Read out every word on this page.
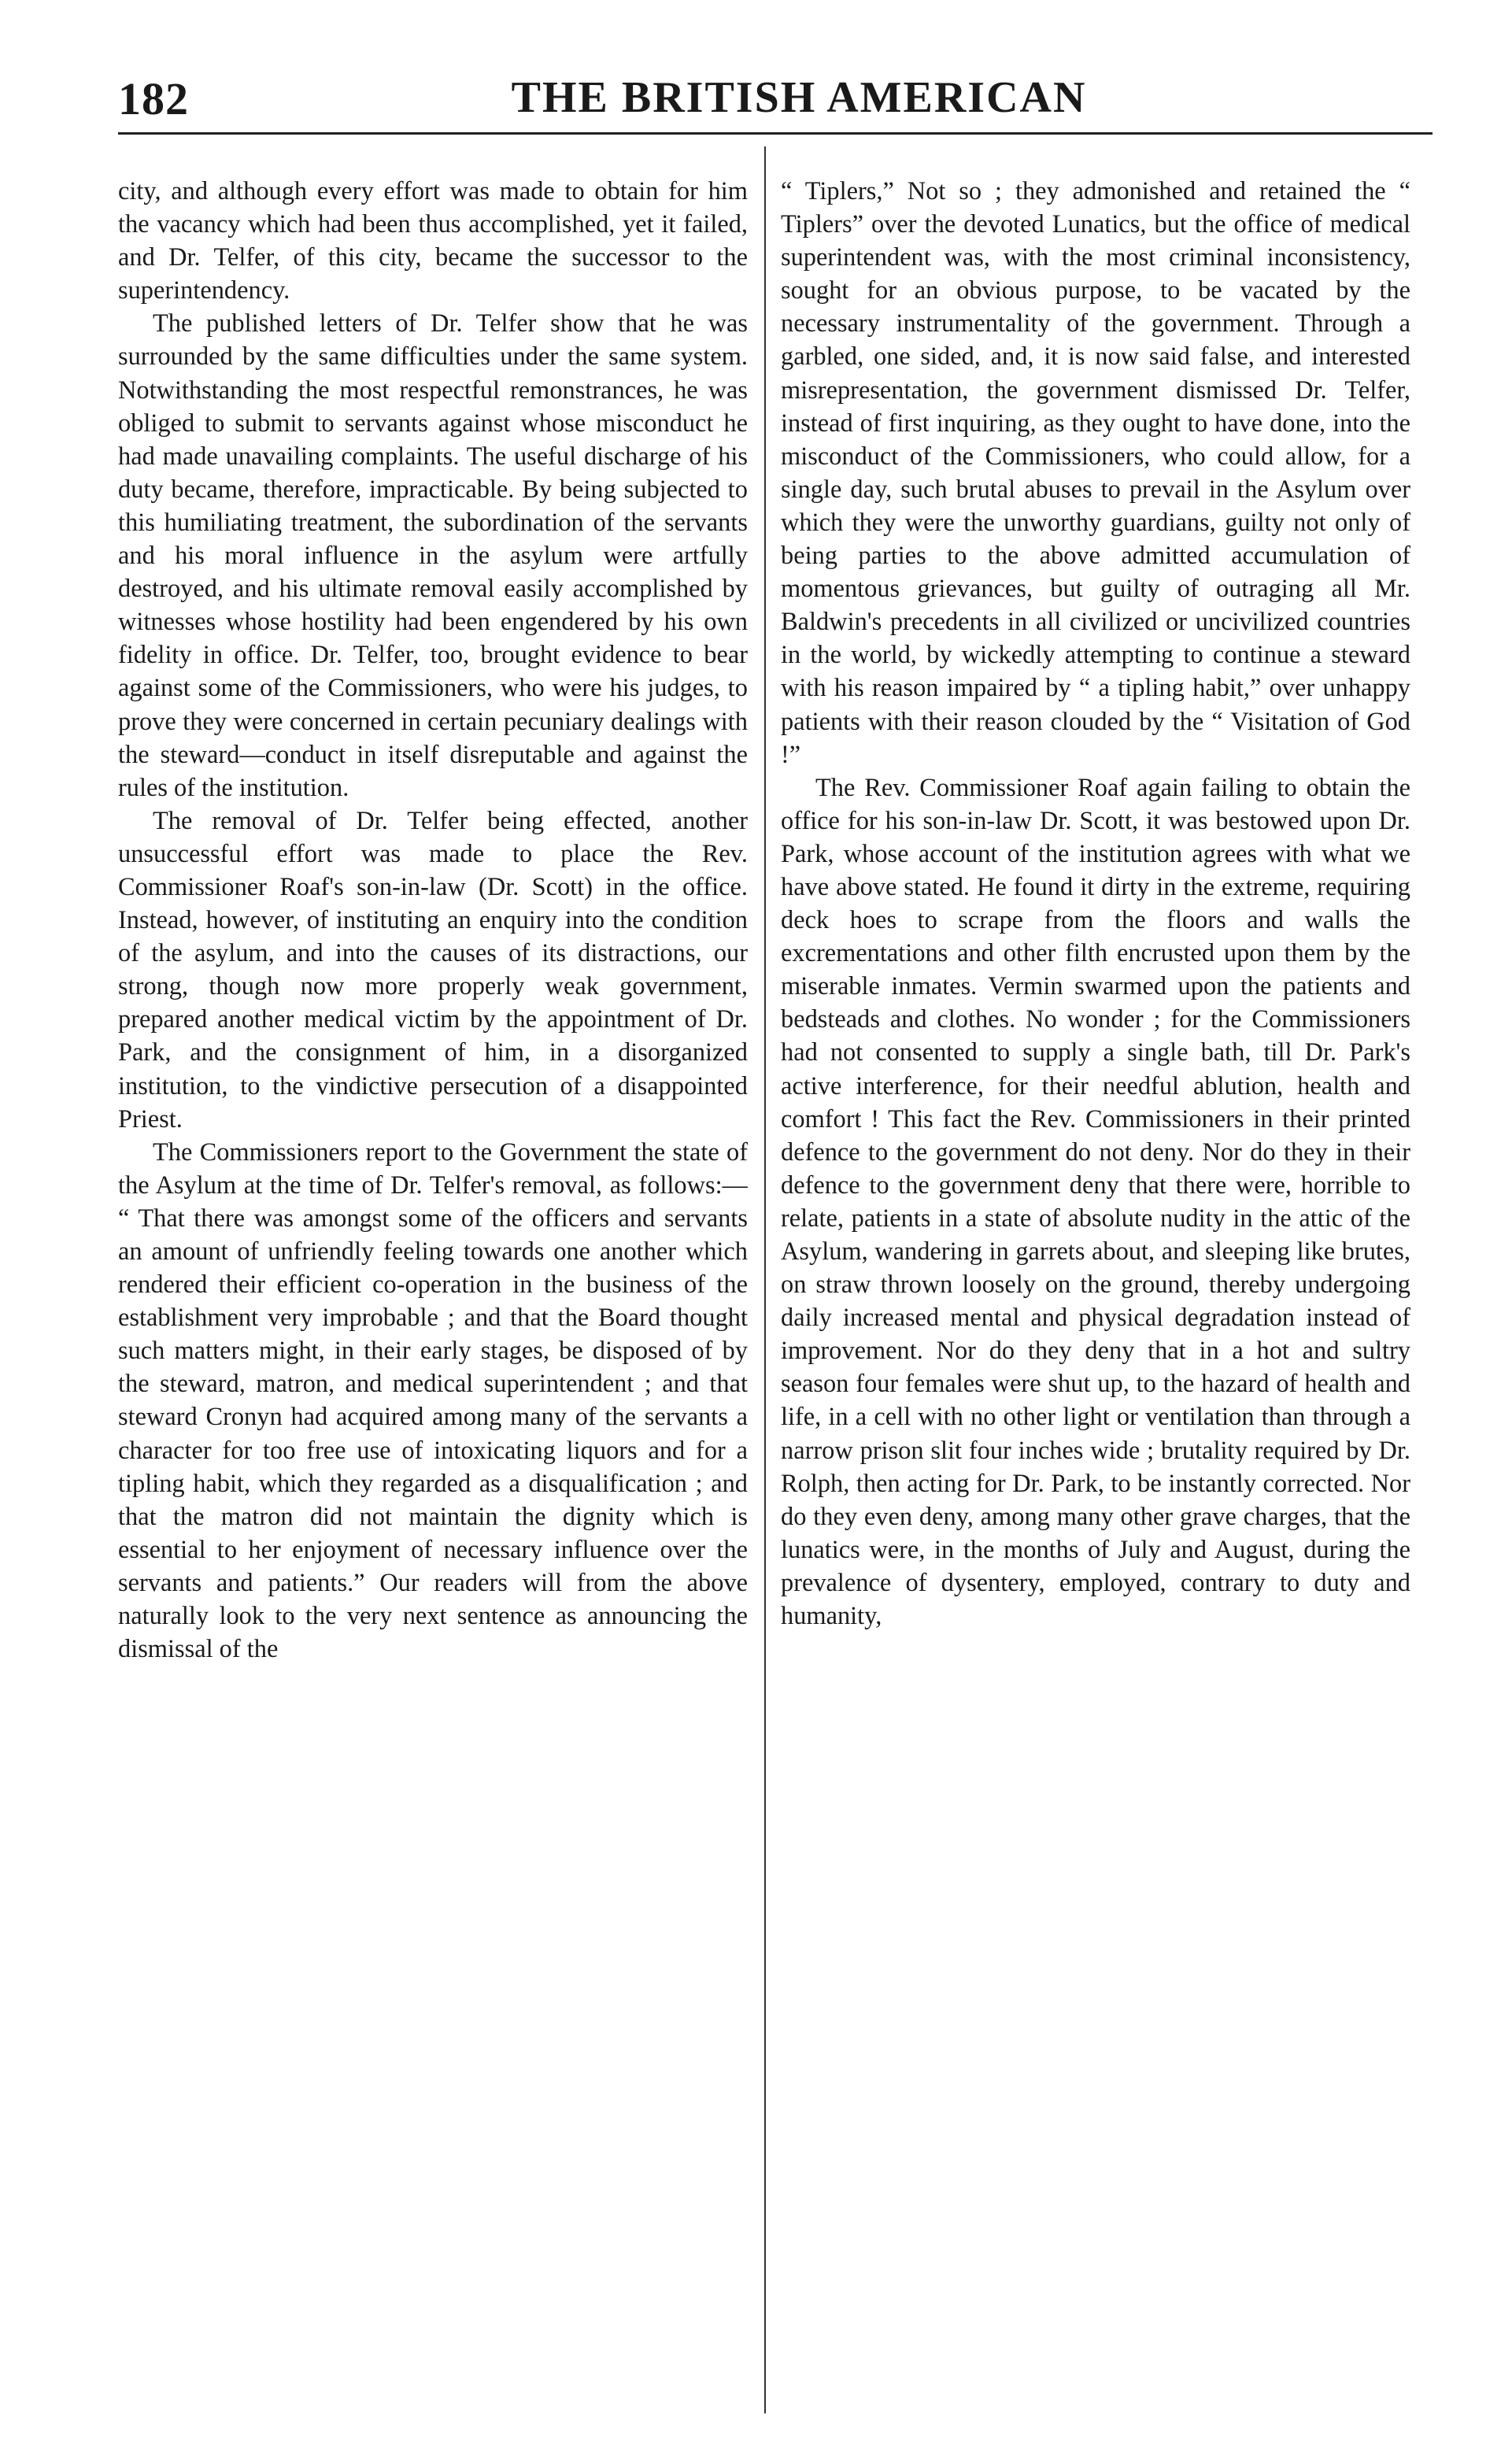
182	THE BRITISH AMERICAN

city, and although every effort was made to obtain for him the vacancy which had been thus accomplished, yet it failed, and Dr. Telfer, of this city, became the successor to the superintendency.

The published letters of Dr. Telfer show that he was surrounded by the same difficulties under the same system. Notwithstanding the most respectful remonstrances, he was obliged to submit to servants against whose misconduct he had made unavailing complaints. The useful discharge of his duty became, therefore, impracticable. By being subjected to this humiliating treatment, the subordination of the servants and his moral influence in the asylum were artfully destroyed, and his ultimate removal easily accomplished by witnesses whose hostility had been engendered by his own fidelity in office. Dr. Telfer, too, brought evidence to bear against some of the Commissioners, who were his judges, to prove they were concerned in certain pecuniary dealings with the steward—conduct in itself disreputable and against the rules of the institution.

The removal of Dr. Telfer being effected, another unsuccessful effort was made to place the Rev. Commissioner Roaf's son-in-law (Dr. Scott) in the office. Instead, however, of instituting an enquiry into the condition of the asylum, and into the causes of its distractions, our strong, though now more properly weak government, prepared another medical victim by the appointment of Dr. Park, and the consignment of him, in a disorganized institution, to the vindictive persecution of a disappointed Priest.

The Commissioners report to the Government the state of the Asylum at the time of Dr. Telfer's removal, as follows:— “ That there was amongst some of the officers and servants an amount of unfriendly feeling towards one another which rendered their efficient co-operation in the business of the establishment very improbable ; and that the Board thought such matters might, in their early stages, be disposed of by the steward, matron, and medical superintendent ; and that steward Cronyn had acquired among many of the servants a character for too free use of intoxicating liquors and for a tipling habit, which they regarded as a disqualification ; and that the matron did not maintain the dignity which is essential to her enjoyment of necessary influence over the servants and patients.” Our readers will from the above naturally look to the very next sentence as announcing the dismissal of the

“ Tiplers,” Not so ; they admonished and retained the “ Tiplers” over the devoted Lunatics, but the office of medical superintendent was, with the most criminal inconsistency, sought for an obvious purpose, to be vacated by the necessary instrumentality of the government. Through a garbled, one sided, and, it is now said false, and interested misrepresentation, the government dismissed Dr. Telfer, instead of first inquiring, as they ought to have done, into the misconduct of the Commissioners, who could allow, for a single day, such brutal abuses to prevail in the Asylum over which they were the unworthy guardians, guilty not only of being parties to the above admitted accumulation of momentous grievances, but guilty of outraging all Mr. Baldwin's precedents in all civilized or uncivilized countries in the world, by wickedly attempting to continue a steward with his reason impaired by “ a tipling habit,” over unhappy patients with their reason clouded by the “ Visitation of God !”

The Rev. Commissioner Roaf again failing to obtain the office for his son-in-law Dr. Scott, it was bestowed upon Dr. Park, whose account of the institution agrees with what we have above stated. He found it dirty in the extreme, requiring deck hoes to scrape from the floors and walls the excrementations and other filth encrusted upon them by the miserable inmates. Vermin swarmed upon the patients and bedsteads and clothes. No wonder ; for the Commissioners had not consented to supply a single bath, till Dr. Park's active interference, for their needful ablution, health and comfort ! This fact the Rev. Commissioners in their printed defence to the government do not deny. Nor do they in their defence to the government deny that there were, horrible to relate, patients in a state of absolute nudity in the attic of the Asylum, wandering in garrets about, and sleeping like brutes, on straw thrown loosely on the ground, thereby undergoing daily increased mental and physical degradation instead of improvement. Nor do they deny that in a hot and sultry season four females were shut up, to the hazard of health and life, in a cell with no other light or ventilation than through a narrow prison slit four inches wide ; brutality required by Dr. Rolph, then acting for Dr. Park, to be instantly corrected. Nor do they even deny, among many other grave charges, that the lunatics were, in the months of July and August, during the prevalence of dysentery, employed, contrary to duty and humanity,
